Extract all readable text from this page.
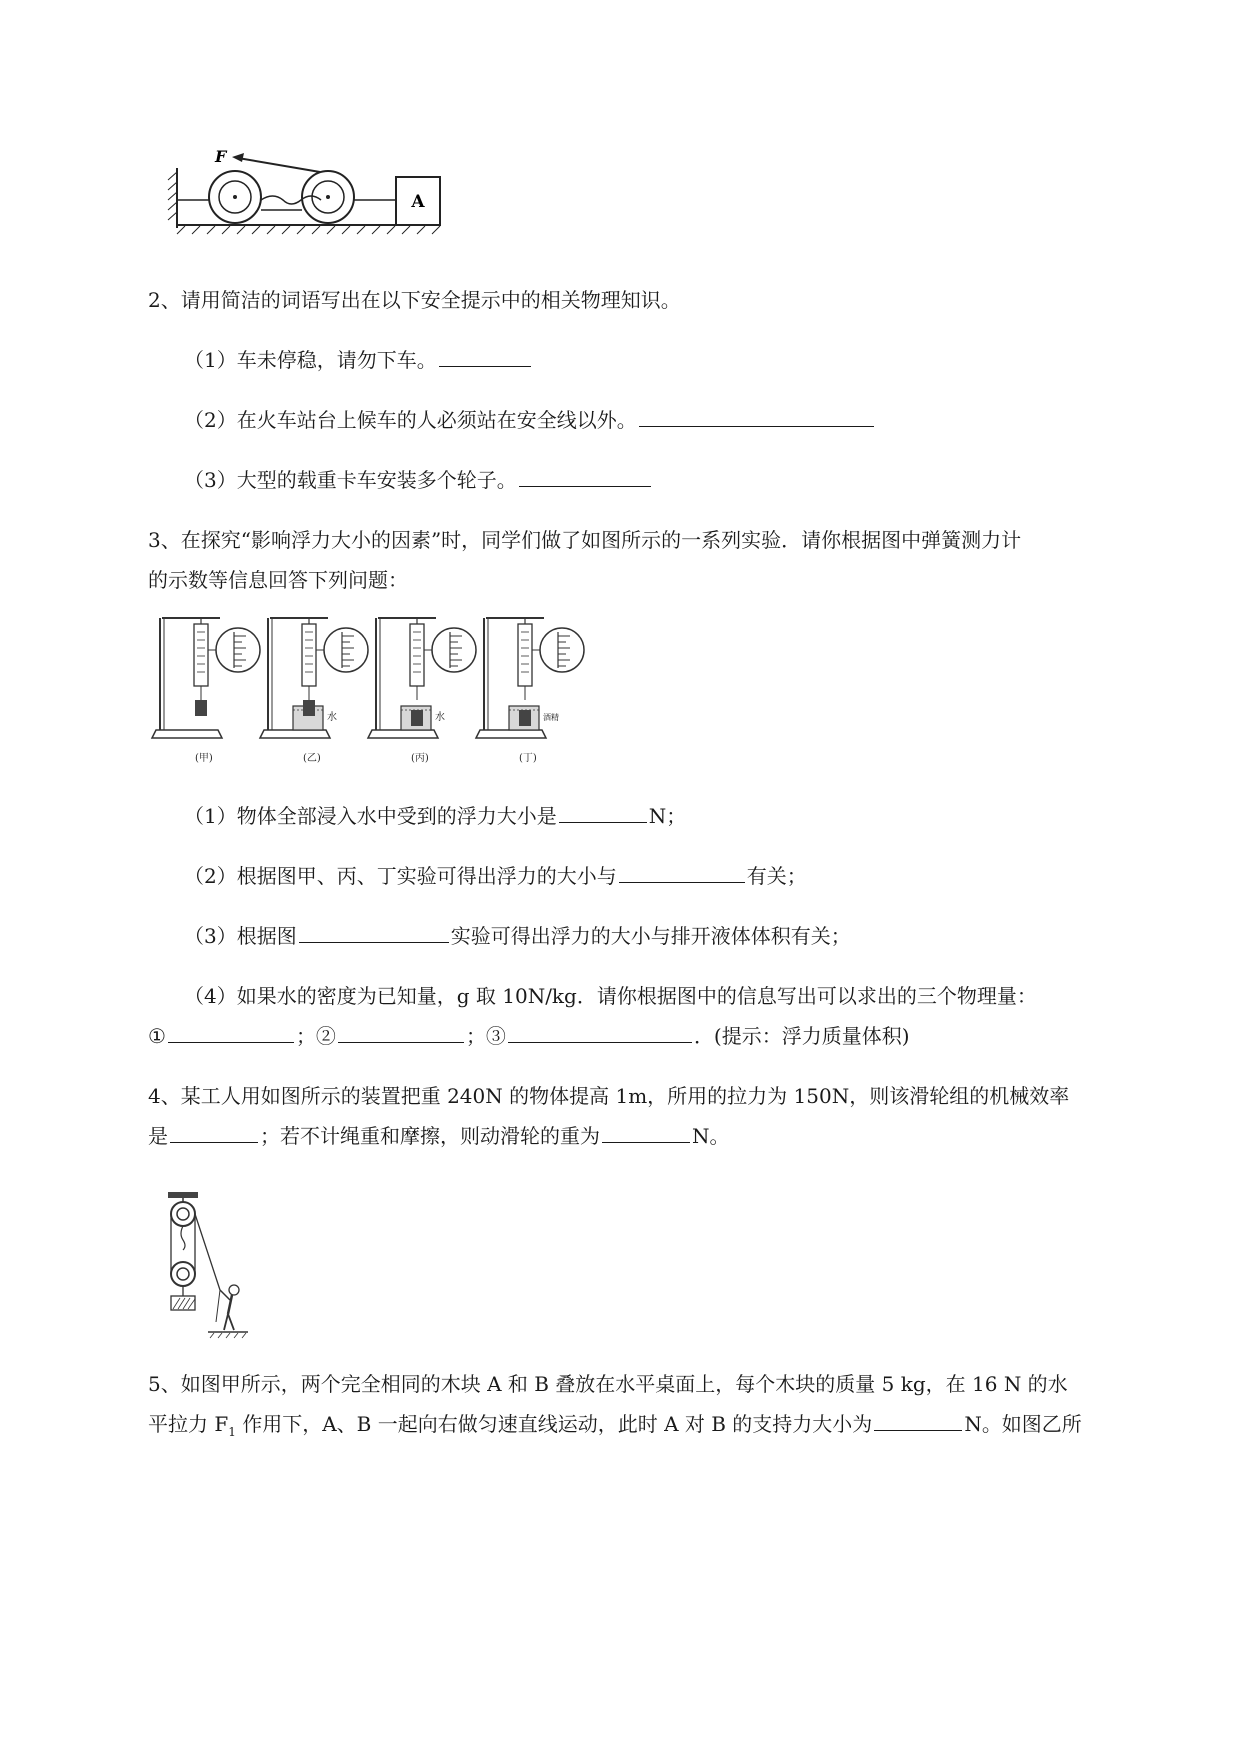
A
F
2、请用简洁的词语写出在以下安全提示中的相关物理知识。
（1）车未停稳，请勿下车。
（2）在火车站台上候车的人必须站在安全线以外。
（3）大型的载重卡车安装多个轮子。
3、在探究“影响浮力大小的因素”时，同学们做了如图所示的一系列实验．请你根据图中弹簧测力计
的示数等信息回答下列问题：
(甲)
水
(乙)
水
(丙)
酒精
(丁)
（1）物体全部浸入水中受到的浮力大小是	N；
（2）根据图甲、丙、丁实验可得出浮力的大小与	有关；
（3）根据图	实验可得出浮力的大小与排开液体体积有关；
（4）如果水的密度为已知量，g 取 10N/kg．请你根据图中的信息写出可以求出的三个物理量：
①	；②	；③	．(提示：浮力质量体积)
4、某工人用如图所示的装置把重 240N 的物体提高 1m，所用的拉力为 150N，则该滑轮组的机械效率
是	；若不计绳重和摩擦，则动滑轮的重为	N。
5、如图甲所示，两个完全相同的木块 A 和 B 叠放在水平桌面上，每个木块的质量 5 kg，在 16 N 的水
平拉力 $F_1$ 作用下，A、B 一起向右做匀速直线运动，此时 A 对 B 的支持力大小为	N。如图乙所
